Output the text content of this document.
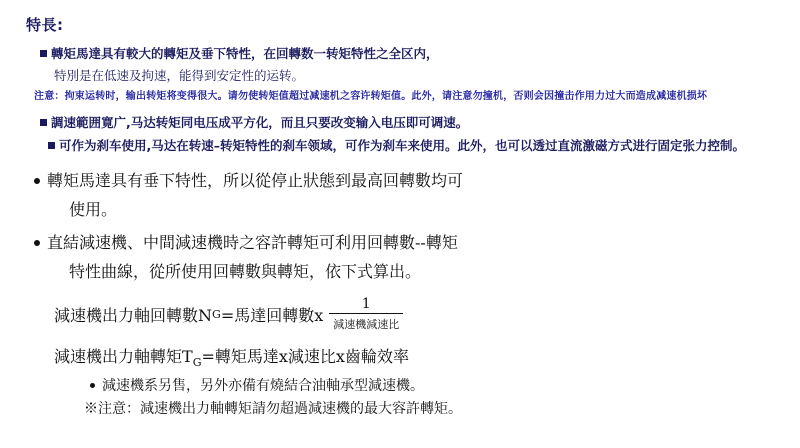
特長:
轉矩馬達具有較大的轉矩及垂下特性，在回轉数一转矩特性之全区内，
特別是在低速及拘速，能得到安定性的运转。
注意：拘束运转时，输出转矩将变得很大。请勿使转矩值超过减速机之容许转矩值。此外，请注意勿撞机，否则会因撞击作用力过大而造成减速机损坏
調速範囲寛广,马达转矩同电压成平方化，而且只要改变输入电压即可调速。
可作为刹车使用,马达在转速–转矩特性的刹车领域，可作为刹车来使用。此外，也可以透过直流激磁方式进行固定张力控制。
轉矩馬達具有垂下特性，所以從停止狀態到最高回轉數均可
使用。
直結減速機、中間減速機時之容許轉矩可利用回轉數--轉矩
特性曲線，從所使用回轉數與轉矩，依下式算出。
減速機出力軸回轉數N G =馬達回轉數x $\frac{1}{\text{減速機減速比}}$
減速機出力軸轉矩$T_G=$轉矩馬達x減速比x齒輪效率
減速機系另售，另外亦備有燒結合油軸承型減速機。
※注意：減速機出力軸轉矩請勿超過減速機的最大容許轉矩。
